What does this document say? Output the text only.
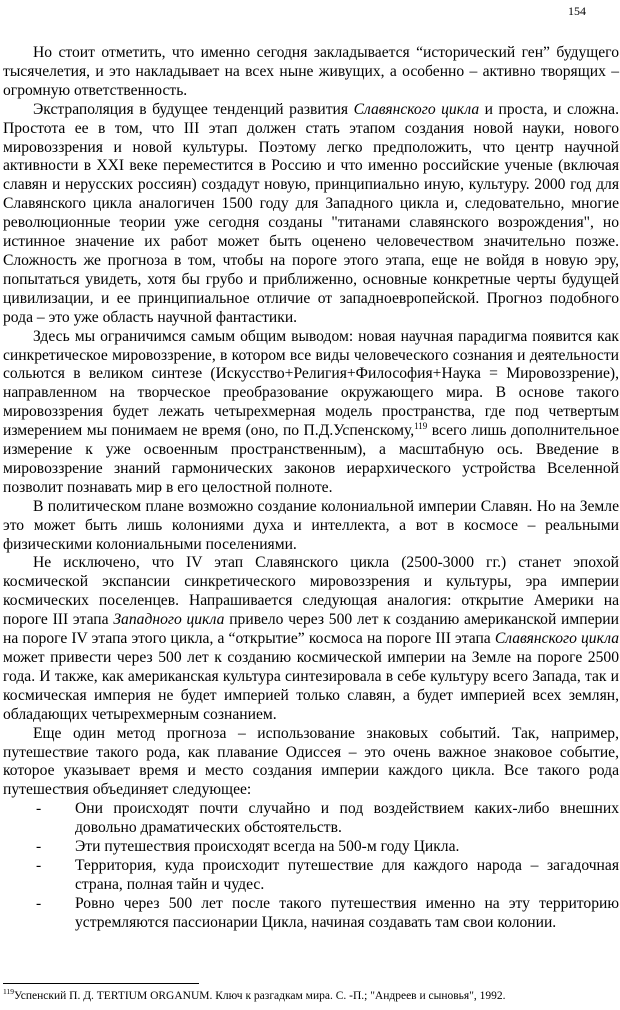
154

Но стоит отметить, что именно сегодня закладывается “исторический ген” будущего тысячелетия, и это накладывает на всех ныне живущих, а особенно – активно творящих – огромную ответственность.

Экстраполяция в будущее тенденций развития Славянского цикла и проста, и сложна. Простота ее в том, что III этап должен стать этапом создания новой науки, нового мировоззрения и новой культуры. Поэтому легко предположить, что центр научной активности в XXI веке переместится в Россию и что именно российские ученые (включая славян и нерусских россиян) создадут новую, принципиально иную, культуру. 2000 год для Славянского цикла аналогичен 1500 году для Западного цикла и, следовательно, многие революционные теории уже сегодня созданы "титанами славянского возрождения", но истинное значение их работ может быть оценено человечеством значительно позже. Сложность же прогноза в том, чтобы на пороге этого этапа, еще не войдя в новую эру, попытаться увидеть, хотя бы грубо и приближенно, основные конкретные черты будущей цивилизации, и ее принципиальное отличие от западноевропейской. Прогноз подобного рода – это уже область научной фантастики.

Здесь мы ограничимся самым общим выводом: новая научная парадигма появится как синкретическое мировоззрение, в котором все виды человеческого сознания и деятельности сольются в великом синтезе (Искусство+Религия+Философия+Наука = Мировоззрение), направленном на творческое преобразование окружающего мира. В основе такого мировоззрения будет лежать четырехмерная модель пространства, где под четвертым измерением мы понимаем не время (оно, по П.Д.Успенскому,$^{119}$ всего лишь дополнительное измерение к уже освоенным пространственным), а масштабную ось. Введение в мировоззрение знаний гармонических законов иерархического устройства Вселенной позволит познавать мир в его целостной полноте.

В политическом плане возможно создание колониальной империи Славян. Но на Земле это может быть лишь колониями духа и интеллекта, а вот в космосе – реальными физическими колониальными поселениями.

Не исключено, что IV этап Славянского цикла (2500-3000 гг.) станет эпохой космической экспансии синкретического мировоззрения и культуры, эра империи космических поселенцев. Напрашивается следующая аналогия: открытие Америки на пороге III этапа Западного цикла привело через 500 лет к созданию американской империи на пороге IV этапа этого цикла, а “открытие” космоса на пороге III этапа Славянского цикла может привести через 500 лет к созданию космической империи на Земле на пороге 2500 года. И также, как американская культура синтезировала в себе культуру всего Запада, так и космическая империя не будет империей только славян, а будет империей всех землян, обладающих четырехмерным сознанием.

Еще один метод прогноза – использование знаковых событий. Так, например, путешествие такого рода, как плавание Одиссея – это очень важное знаковое событие, которое указывает время и место создания империи каждого цикла. Все такого рода путешествия объединяет следующее:

- Они происходят почти случайно и под воздействием каких-либо внешних довольно драматических обстоятельств.
- Эти путешествия происходят всегда на 500-м году Цикла.
- Территория, куда происходит путешествие для каждого народа – загадочная страна, полная тайн и чудес.
- Ровно через 500 лет после такого путешествия именно на эту территорию устремляются пассионарии Цикла, начиная создавать там свои колонии.
$^{119}$Успенский П. Д. TERTIUM ORGANUM. Ключ к разгадкам мира. С. -П.; "Андреев и сыновья", 1992.
